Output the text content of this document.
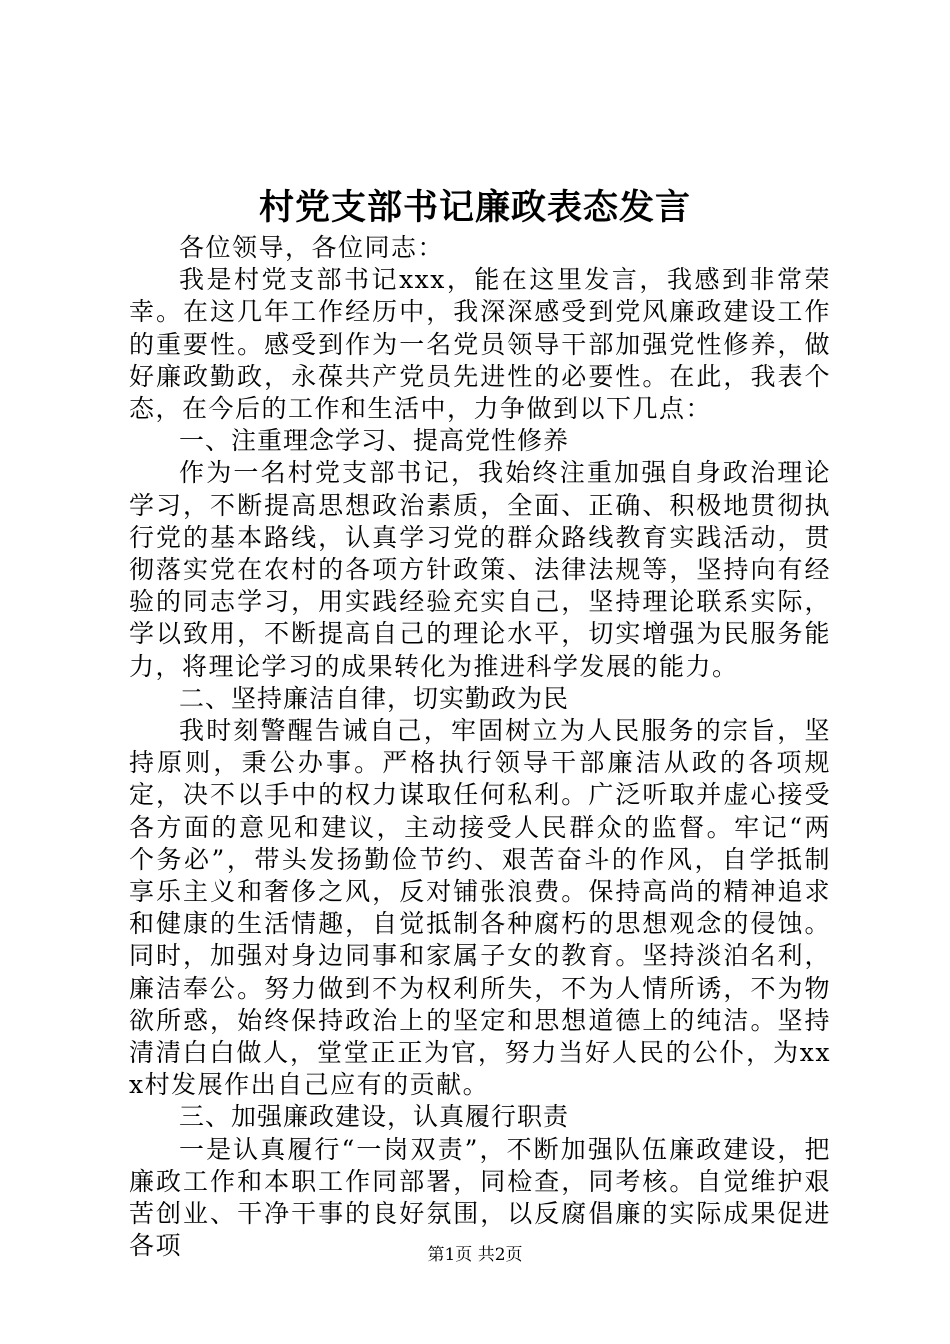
村党支部书记廉政表态发言

各位领导，各位同志：

我是村党支部书记xxx，能在这里发言，我感到非常荣幸。在这几年工作经历中，我深深感受到党风廉政建设工作的重要性。感受到作为一名党员领导干部加强党性修养，做好廉政勤政，永葆共产党员先进性的必要性。在此，我表个态，在今后的工作和生活中，力争做到以下几点：

一、注重理念学习、提高党性修养

作为一名村党支部书记，我始终注重加强自身政治理论学习，不断提高思想政治素质，全面、正确、积极地贯彻执行党的基本路线，认真学习党的群众路线教育实践活动，贯彻落实党在农村的各项方针政策、法律法规等，坚持向有经验的同志学习，用实践经验充实自己，坚持理论联系实际，学以致用，不断提高自己的理论水平，切实增强为民服务能力，将理论学习的成果转化为推进科学发展的能力。

二、坚持廉洁自律，切实勤政为民

我时刻警醒告诫自己，牢固树立为人民服务的宗旨，坚持原则，秉公办事。严格执行领导干部廉洁从政的各项规定，决不以手中的权力谋取任何私利。广泛听取并虚心接受各方面的意见和建议，主动接受人民群众的监督。牢记“两个务必”，带头发扬勤俭节约、艰苦奋斗的作风，自学抵制享乐主义和奢侈之风，反对铺张浪费。保持高尚的精神追求和健康的生活情趣，自觉抵制各种腐朽的思想观念的侵蚀。同时，加强对身边同事和家属子女的教育。坚持淡泊名利，廉洁奉公。努力做到不为权利所失，不为人情所诱，不为物欲所惑，始终保持政治上的坚定和思想道德上的纯洁。坚持清清白白做人，堂堂正正为官，努力当好人民的公仆，为xxx村发展作出自己应有的贡献。

三、加强廉政建设，认真履行职责

一是认真履行“一岗双责”，不断加强队伍廉政建设，把廉政工作和本职工作同部署，同检查，同考核。自觉维护艰苦创业、干净干事的良好氛围，以反腐倡廉的实际成果促进各项	第1页 共2页
